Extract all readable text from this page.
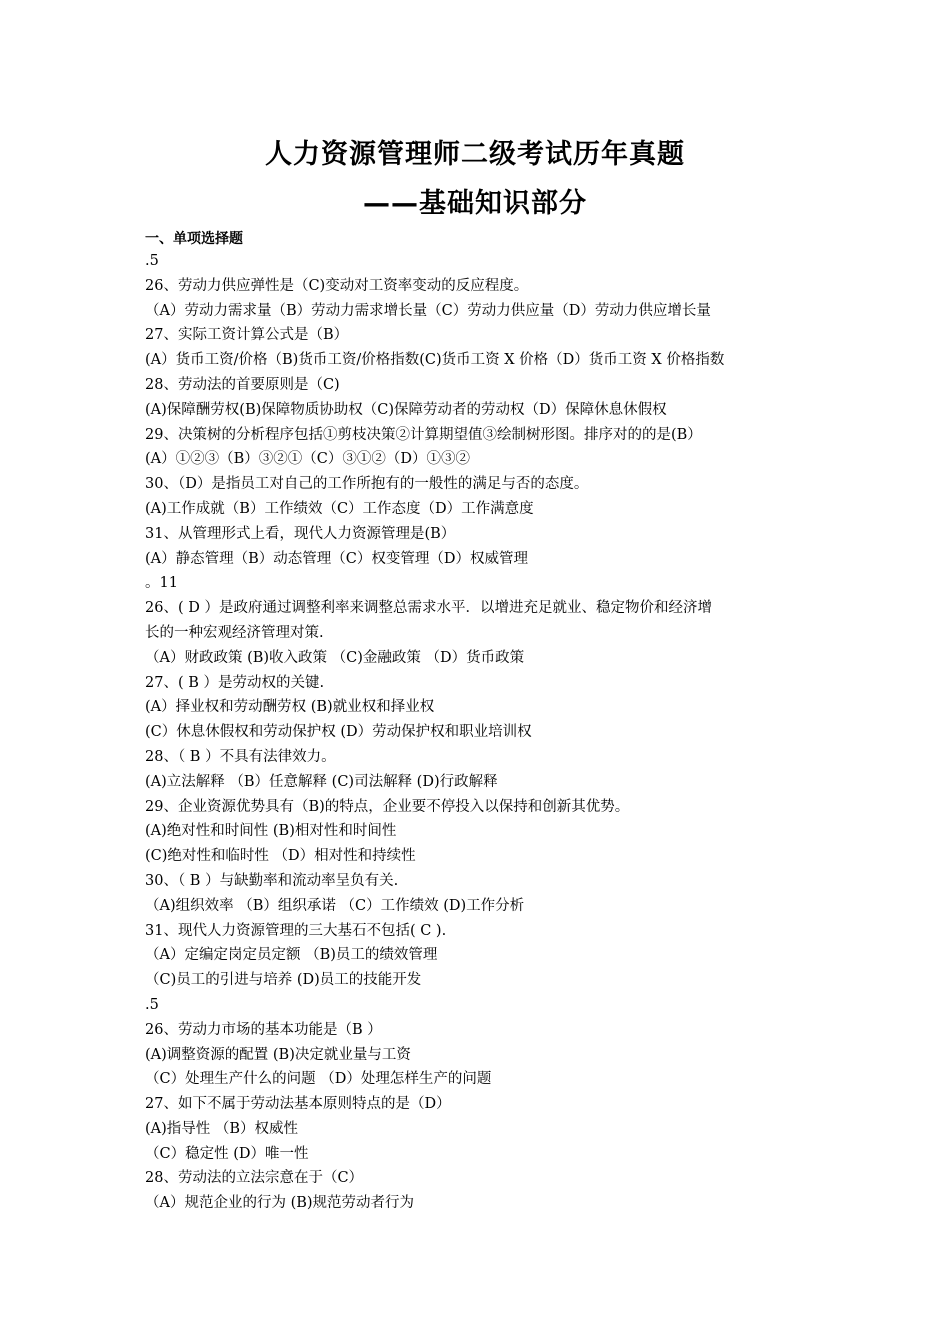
人力资源管理师二级考试历年真题
——基础知识部分
一、单项选择题
.5
26、劳动力供应弹性是（C)变动对工资率变动的反应程度。
（A）劳动力需求量（B）劳动力需求增长量（C）劳动力供应量（D）劳动力供应增长量
27、实际工资计算公式是（B）
(A）货币工资/价格（B)货币工资/价格指数(C)货币工资 X 价格（D）货币工资 X 价格指数
28、劳动法的首要原则是（C)
(A)保障酬劳权(B)保障物质协助权（C)保障劳动者的劳动权（D）保障休息休假权
29、决策树的分析程序包括①剪枝决策②计算期望值③绘制树形图。排序对的的是(B）
(A）①②③（B）③②①（C）③①②（D）①③②
30、（D）是指员工对自己的工作所抱有的一般性的满足与否的态度。
(A)工作成就（B）工作绩效（C）工作态度（D）工作满意度
31、从管理形式上看，现代人力资源管理是(B）
(A）静态管理（B）动态管理（C）权变管理（D）权威管理
。11
26、( D ）是政府通过调整利率来调整总需求水平．以增进充足就业、稳定物价和经济增
长的一种宏观经济管理对策.
（A）财政政策 (B)收入政策 （C)金融政策 （D）货币政策
27、( B ）是劳动权的关键.
(A）择业权和劳动酬劳权 (B)就业权和择业权
(C）休息休假权和劳动保护权 (D）劳动保护权和职业培训权
28、（ B ）不具有法律效力。
(A)立法解释 （B）任意解释 (C)司法解释 (D)行政解释
29、企业资源优势具有（B)的特点，企业要不停投入以保持和创新其优势。
(A)绝对性和时间性 (B)相对性和时间性
(C)绝对性和临时性 （D）相对性和持续性
30、（ B ）与缺勤率和流动率呈负有关.
（A)组织效率 （B）组织承诺 （C）工作绩效 (D)工作分析
31、现代人力资源管理的三大基石不包括( C ).
（A）定编定岗定员定额 （B)员工的绩效管理
（C)员工的引进与培养 (D)员工的技能开发
.5
26、劳动力市场的基本功能是（B ）
(A)调整资源的配置 (B)决定就业量与工资
（C）处理生产什么的问题 （D）处理怎样生产的问题
27、如下不属于劳动法基本原则特点的是（D）
(A)指导性 （B）权威性
（C）稳定性 (D）唯一性
28、劳动法的立法宗意在于（C）
（A）规范企业的行为 (B)规范劳动者行为
